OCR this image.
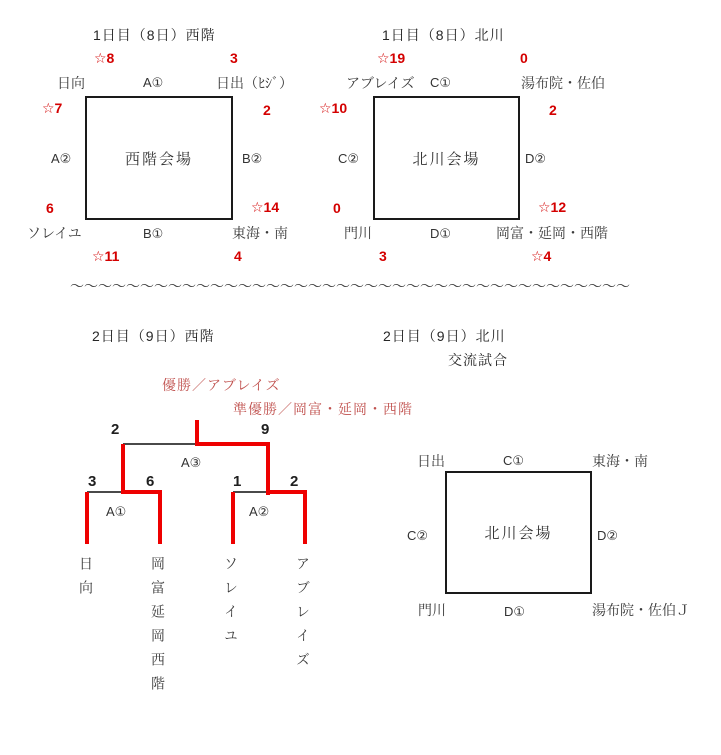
1日目（8日）西階
☆8	3
日向	A①	日出（ﾋｼﾞ）
☆7	2
A②	西階会場	B②
6	☆14
ソレイユ	B①	東海・南
☆11	4
1日目（8日）北川
☆19	0
アブレイズ C①	湯布院・佐伯
☆10	2
C②	北川会場	D②
0	☆12
門川	D①	岡富・延岡・西階
3	☆4
～～～～～～～～～～～～～～～～～～～～～～～～～～～～～～～～～～～～～～～～
2日目（9日）西階
優勝／アブレイズ
準優勝／岡富・延岡・西階
2	9
A③
3	6	1	2
A①	A②
日向	岡富延岡西階	ソレイユ	アブレイズ
2日目（9日）北川
交流試合
日出	C①	東海・南
C②	北川会場	D②
門川	D①	湯布院・佐伯Ｊ
